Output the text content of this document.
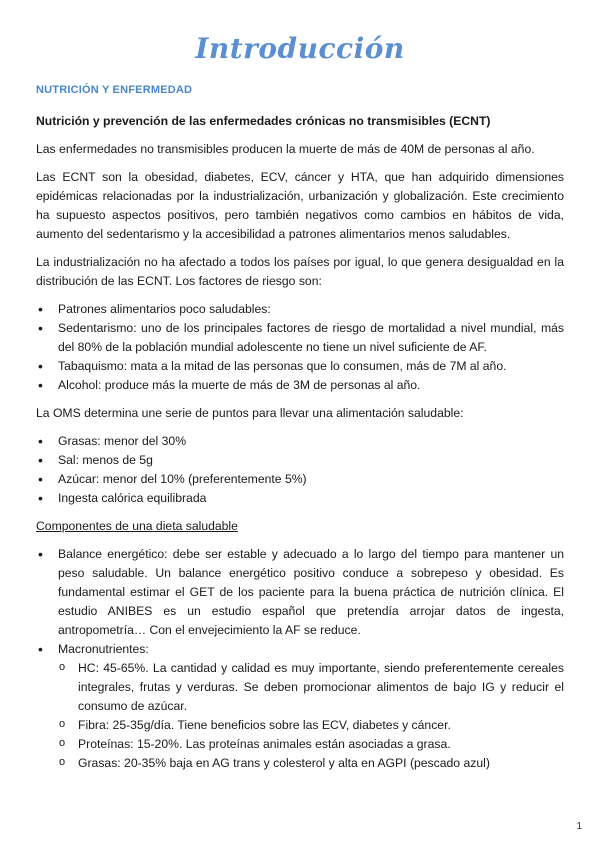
Introducción
NUTRICIÓN Y ENFERMEDAD

Nutrición y prevención de las enfermedades crónicas no transmisibles (ECNT)

Las enfermedades no transmisibles producen la muerte de más de 40M de personas al año.

Las ECNT son la obesidad, diabetes, ECV, cáncer y HTA, que han adquirido dimensiones epidémicas relacionadas por la industrialización, urbanización y globalización. Este crecimiento ha supuesto aspectos positivos, pero también negativos como cambios en hábitos de vida, aumento del sedentarismo y la accesibilidad a patrones alimentarios menos saludables.

La industrialización no ha afectado a todos los países por igual, lo que genera desigualdad en la distribución de las ECNT. Los factores de riesgo son:

• Patrones alimentarios poco saludables:
• Sedentarismo: uno de los principales factores de riesgo de mortalidad a nivel mundial, más del 80% de la población mundial adolescente no tiene un nivel suficiente de AF.
• Tabaquismo: mata a la mitad de las personas que lo consumen, más de 7M al año.
• Alcohol: produce más la muerte de más de 3M de personas al año.

La OMS determina une serie de puntos para llevar una alimentación saludable:

• Grasas: menor del 30%
• Sal: menos de 5g
• Azúcar: menor del 10% (preferentemente 5%)
• Ingesta calórica equilibrada

Componentes de una dieta saludable

• Balance energético: debe ser estable y adecuado a lo largo del tiempo para mantener un peso saludable. Un balance energético positivo conduce a sobrepeso y obesidad. Es fundamental estimar el GET de los paciente para la buena práctica de nutrición clínica. El estudio ANIBES es un estudio español que pretendía arrojar datos de ingesta, antropometría… Con el envejecimiento la AF se reduce.
• Macronutrientes:
o HC: 45-65%. La cantidad y calidad es muy importante, siendo preferentemente cereales integrales, frutas y verduras. Se deben promocionar alimentos de bajo IG y reducir el consumo de azúcar.
o Fibra: 25-35g/día. Tiene beneficios sobre las ECV, diabetes y cáncer.
o Proteínas: 15-20%. Las proteínas animales están asociadas a grasa.
o Grasas: 20-35% baja en AG trans y colesterol y alta en AGPI (pescado azul)
1
